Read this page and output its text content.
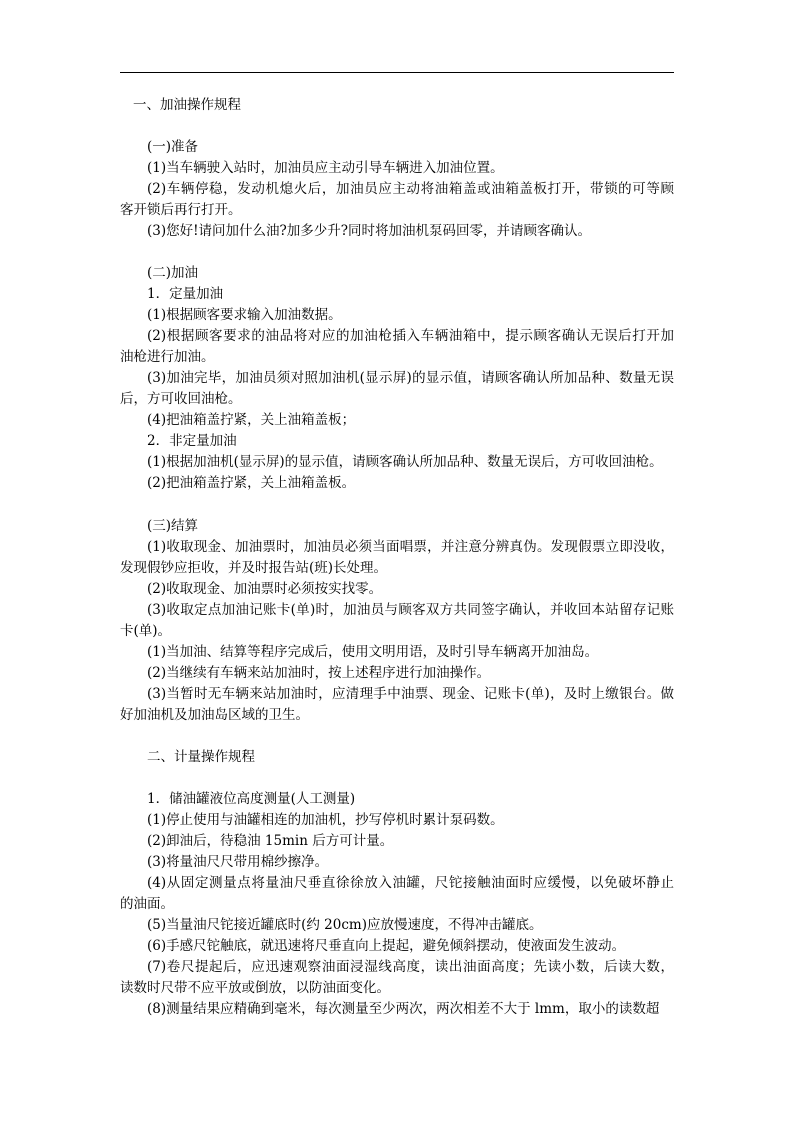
一、加油操作规程
(一)准备
(1)当车辆驶入站时，加油员应主动引导车辆进入加油位置。
(2)车辆停稳，发动机熄火后，加油员应主动将油箱盖或油箱盖板打开，带锁的可等顾
客开锁后再行打开。
(3)您好!请问加什么油?加多少升?同时将加油机泵码回零，并请顾客确认。
(二)加油
1．定量加油
(1)根据顾客要求输入加油数据。
(2)根据顾客要求的油品将对应的加油枪插入车辆油箱中，提示顾客确认无误后打开加
油枪进行加油。
(3)加油完毕，加油员须对照加油机(显示屏)的显示值，请顾客确认所加品种、数量无误
后，方可收回油枪。
(4)把油箱盖拧紧，关上油箱盖板；
2．非定量加油
(1)根据加油机(显示屏)的显示值，请顾客确认所加品种、数量无误后，方可收回油枪。
(2)把油箱盖拧紧，关上油箱盖板。
(三)结算
(1)收取现金、加油票时，加油员必须当面唱票，并注意分辨真伪。发现假票立即没收，
发现假钞应拒收，并及时报告站(班)长处理。
(2)收取现金、加油票时必须按实找零。
(3)收取定点加油记账卡(单)时，加油员与顾客双方共同签字确认，并收回本站留存记账
卡(单)。
(1)当加油、结算等程序完成后，使用文明用语，及时引导车辆离开加油岛。
(2)当继续有车辆来站加油时，按上述程序进行加油操作。
(3)当暂时无车辆来站加油时，应清理手中油票、现金、记账卡(单)，及时上缴银台。做
好加油机及加油岛区域的卫生。
二、计量操作规程
1．储油罐液位高度测量(人工测量)
(1)停止使用与油罐相连的加油机，抄写停机时累计泵码数。
(2)卸油后，待稳油 15min 后方可计量。
(3)将量油尺尺带用棉纱擦净。
(4)从固定测量点将量油尺垂直徐徐放入油罐，尺铊接触油面时应缓慢，以免破坏静止
的油面。
(5)当量油尺铊接近罐底时(约 20cm)应放慢速度，不得冲击罐底。
(6)手感尺铊触底，就迅速将尺垂直向上提起，避免倾斜摆动，使液面发生波动。
(7)卷尺提起后，应迅速观察油面浸湿线高度，读出油面高度；先读小数，后读大数，
读数时尺带不应平放或倒放，以防油面变化。
(8)测量结果应精确到毫米，每次测量至少两次，两次相差不大于 lmm，取小的读数超
